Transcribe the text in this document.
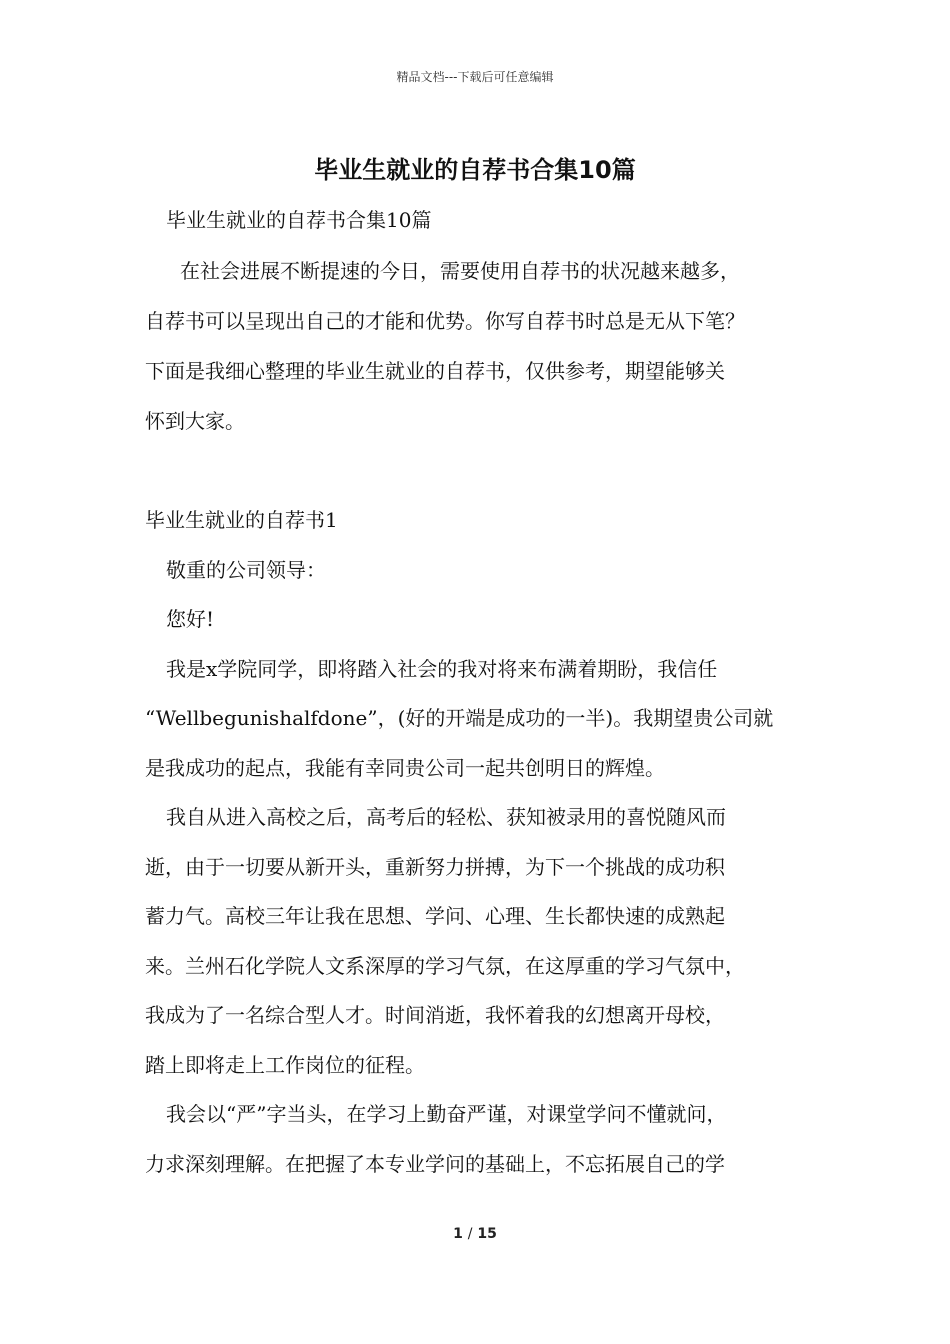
精品文档---下载后可任意编辑
毕业生就业的自荐书合集10篇
毕业生就业的自荐书合集10篇
在社会进展不断提速的今日，需要使用自荐书的状况越来越多，
自荐书可以呈现出自己的才能和优势。你写自荐书时总是无从下笔？
下面是我细心整理的毕业生就业的自荐书，仅供参考，期望能够关
怀到大家。
毕业生就业的自荐书1
敬重的公司领导：
您好!
我是x学院同学，即将踏入社会的我对将来布满着期盼，我信任
“Wellbegunishalfdone”，(好的开端是成功的一半)。我期望贵公司就
是我成功的起点，我能有幸同贵公司一起共创明日的辉煌。
我自从进入高校之后，高考后的轻松、获知被录用的喜悦随风而
逝，由于一切要从新开头，重新努力拼搏，为下一个挑战的成功积
蓄力气。高校三年让我在思想、学问、心理、生长都快速的成熟起
来。兰州石化学院人文系深厚的学习气氛，在这厚重的学习气氛中，
我成为了一名综合型人才。时间消逝，我怀着我的幻想离开母校，
踏上即将走上工作岗位的征程。
我会以“严”字当头，在学习上勤奋严谨，对课堂学问不懂就问，
力求深刻理解。在把握了本专业学问的基础上，不忘拓展自己的学
1 / 15
